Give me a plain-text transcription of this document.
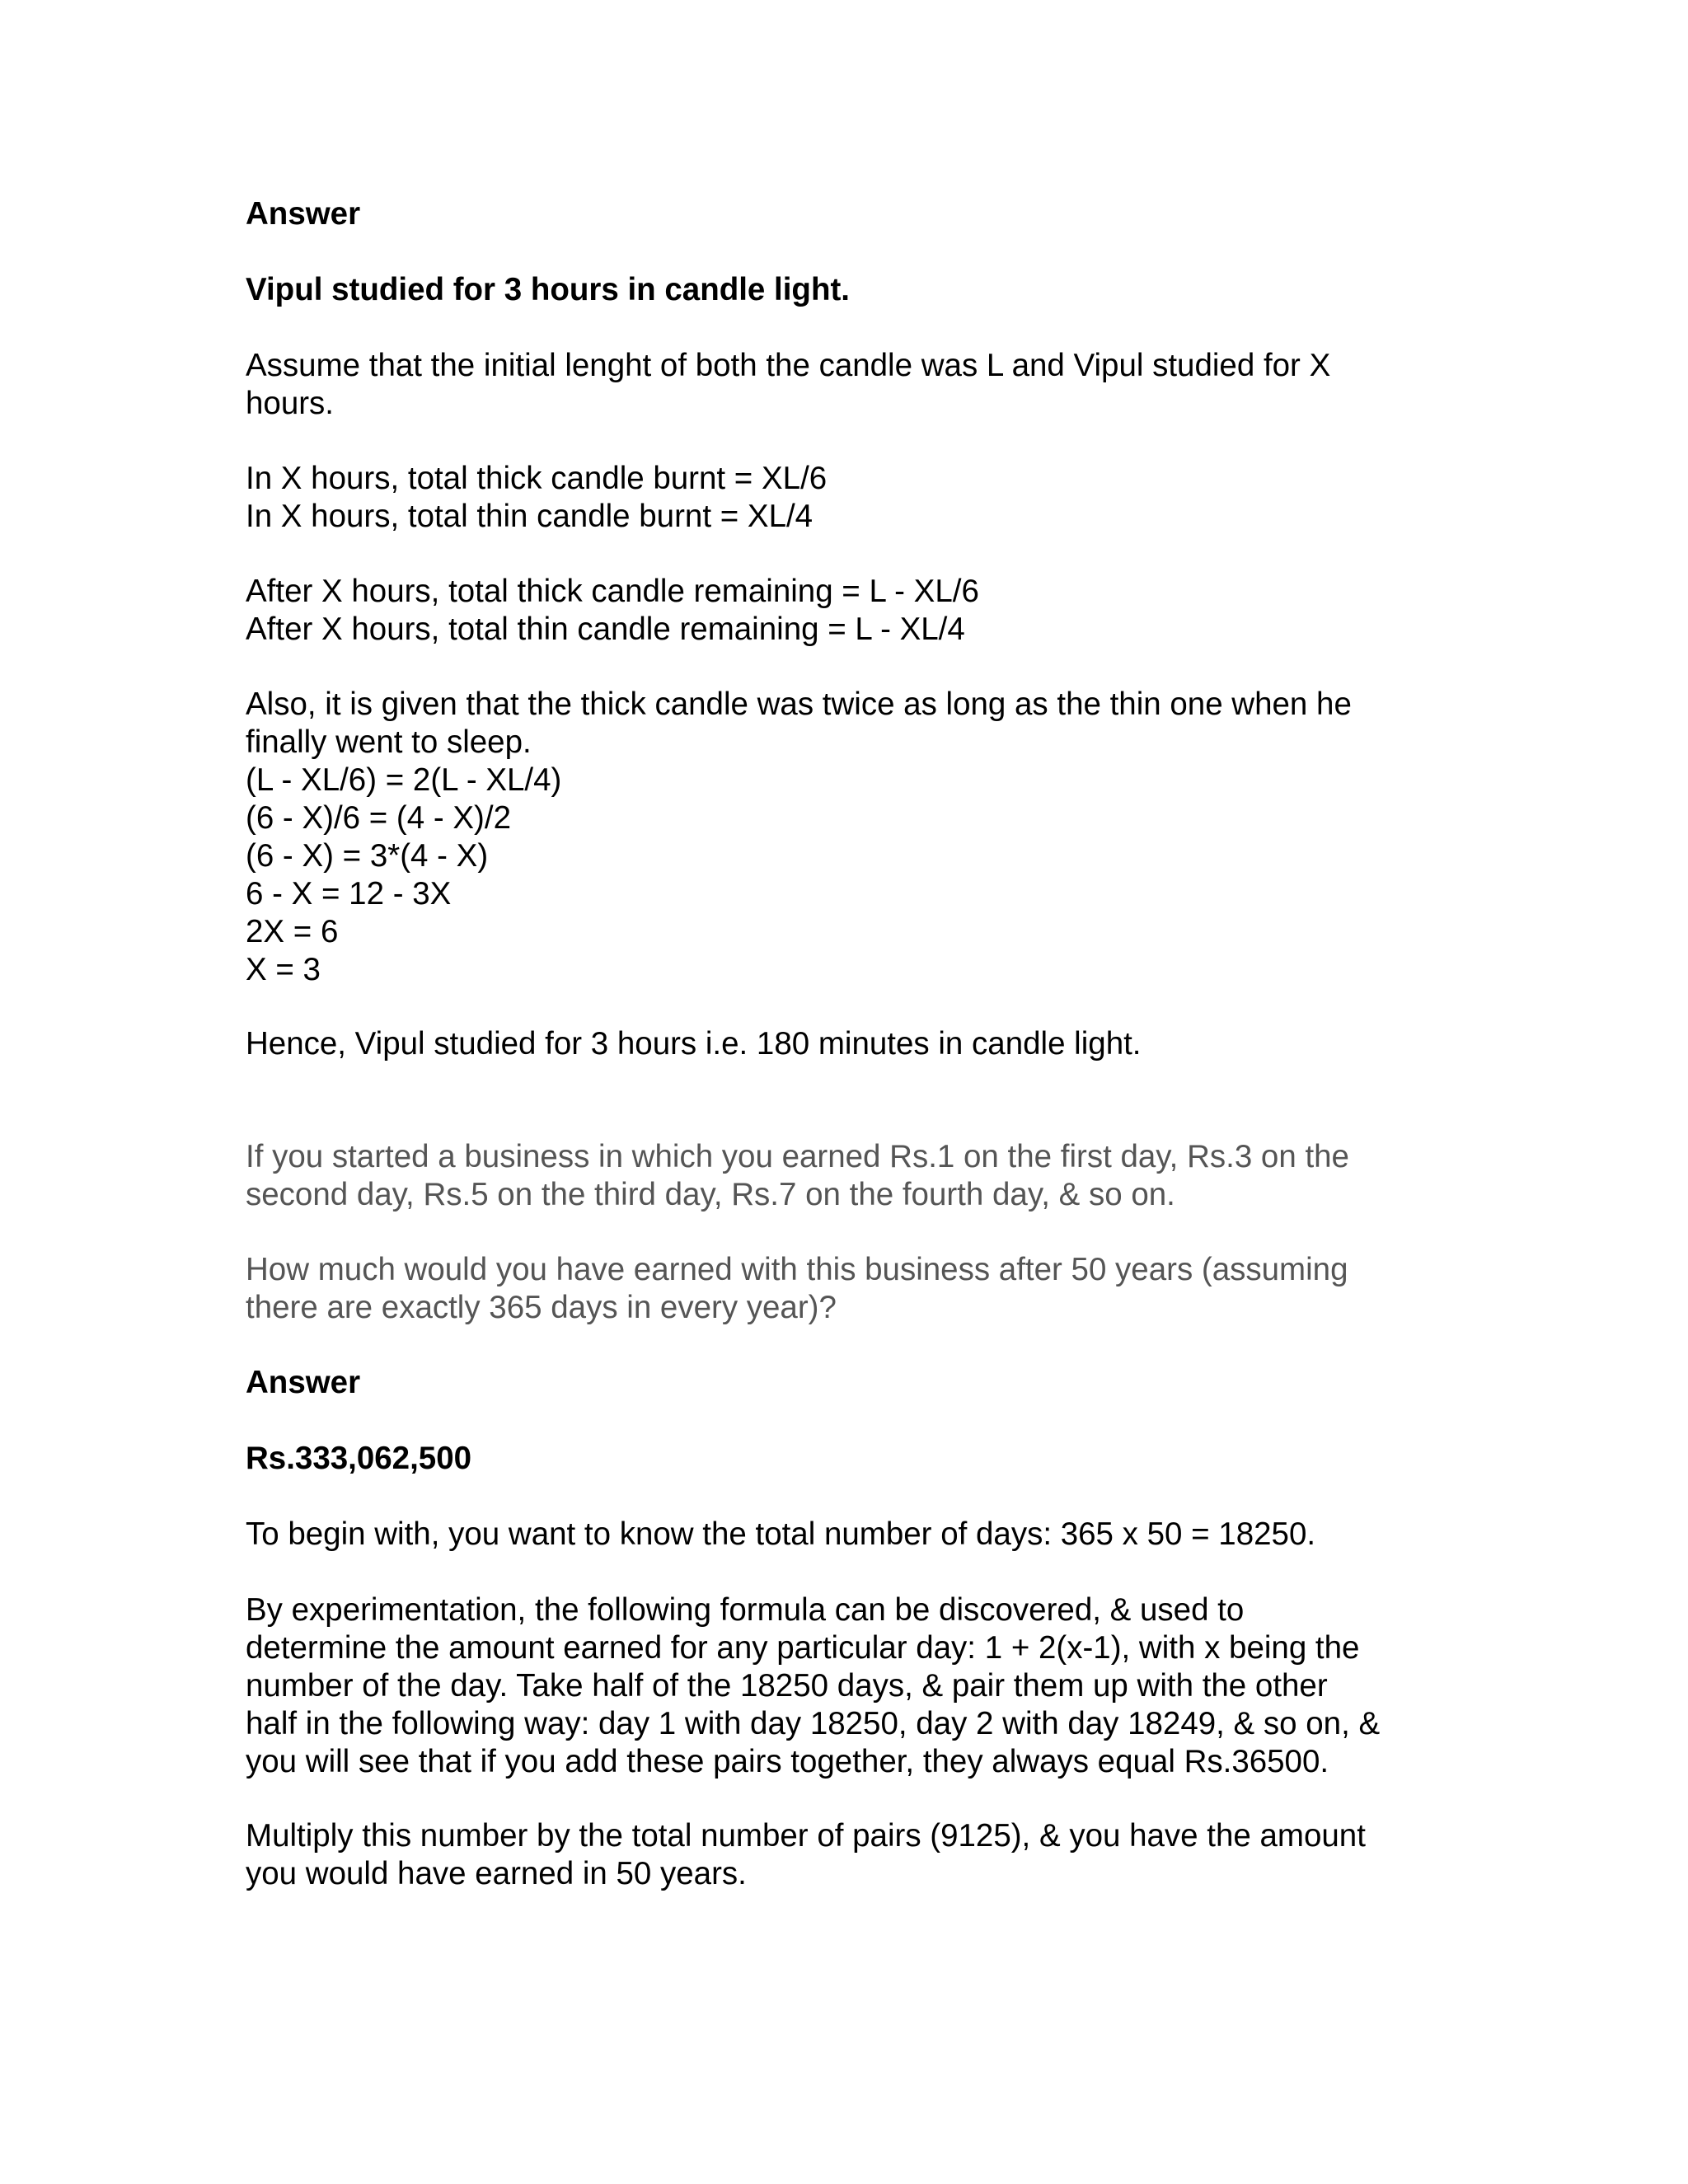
Answer

Vipul studied for 3 hours in candle light.

Assume that the initial lenght of both the candle was L and Vipul studied for X
hours.

In X hours, total thick candle burnt = XL/6
In X hours, total thin candle burnt = XL/4

After X hours, total thick candle remaining = L - XL/6
After X hours, total thin candle remaining = L - XL/4

Also, it is given that the thick candle was twice as long as the thin one when he
finally went to sleep.
(L - XL/6) = 2(L - XL/4)
(6 - X)/6 = (4 - X)/2
(6 - X) = 3*(4 - X)
6 - X = 12 - 3X
2X = 6
X = 3

Hence, Vipul studied for 3 hours i.e. 180 minutes in candle light.

If you started a business in which you earned Rs.1 on the first day, Rs.3 on the
second day, Rs.5 on the third day, Rs.7 on the fourth day, & so on.

How much would you have earned with this business after 50 years (assuming
there are exactly 365 days in every year)?

Answer

Rs.333,062,500

To begin with, you want to know the total number of days: 365 x 50 = 18250.

By experimentation, the following formula can be discovered, & used to
determine the amount earned for any particular day: 1 + 2(x-1), with x being the
number of the day. Take half of the 18250 days, & pair them up with the other
half in the following way: day 1 with day 18250, day 2 with day 18249, & so on, &
you will see that if you add these pairs together, they always equal Rs.36500.

Multiply this number by the total number of pairs (9125), & you have the amount
you would have earned in 50 years.
